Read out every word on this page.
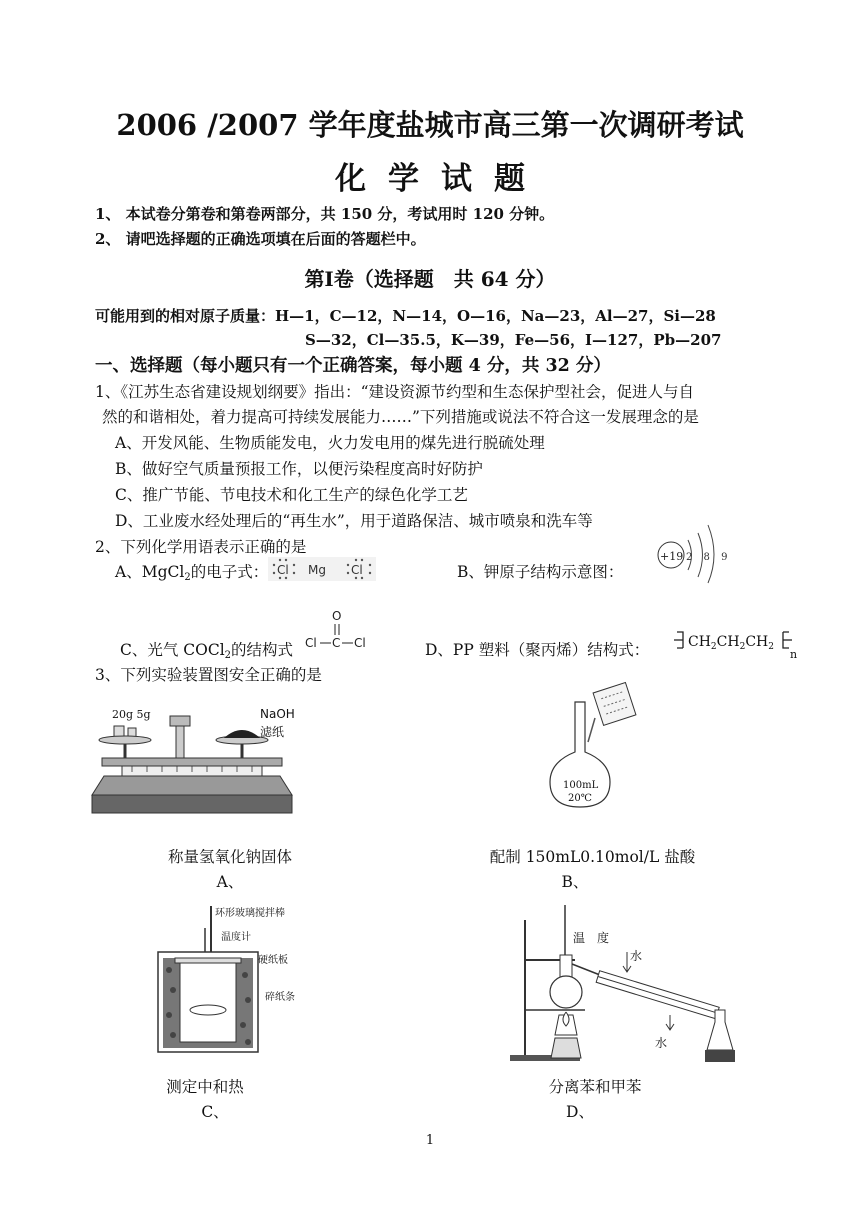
2006 /2007 学年度盐城市高三第一次调研考试
化学试题
1、 本试卷分第卷和第卷两部分，共 150 分，考试用时 120 分钟。
2、 请吧选择题的正确选项填在后面的答题栏中。
第Ⅰ卷（选择题　共 64 分）
可能用到的相对原子质量：H—1，C—12，N—14，O—16，Na—23，Al—27，Si—28
S—32，Cl—35.5，K—39，Fe—56，I—127，Pb—207
一、选择题（每小题只有一个正确答案，每小题 4 分，共 32 分）
1、《江苏生态省建设规划纲要》指出：“建设资源节约型和生态保护型社会，促进人与自
然的和谐相处，着力提高可持续发展能力……”下列措施或说法不符合这一发展理念的是
A、开发风能、生物质能发电，火力发电用的煤先进行脱硫处理
B、做好空气质量预报工作，以便污染程度高时好防护
C、推广节能、节电技术和化工生产的绿色化学工艺
D、工业废水经处理后的“再生水”，用于道路保洁、城市喷泉和洗车等
2、下列化学用语表示正确的是
A、MgCl$_2$的电子式： Cl Mg Cl	B、钾原子结构示意图：
+19 2 8 9
C、光气 COCl$_2$的结构式
O
Cl C Cl	D、PP 塑料（聚丙烯）结构式：	$CH_2CH_2CH_2$
n
3、下列实验装置图安全正确的是
20g 5g	NaOH
滤纸
称量氢氧化钠固体
A、
100mL
20℃
配制 150mL0.10mol/L 盐酸
B、
环形玻璃搅拌棒
温度计
硬纸板
碎纸条
测定中和热
C、
温　度
水
水
分离苯和甲苯
D、
1
